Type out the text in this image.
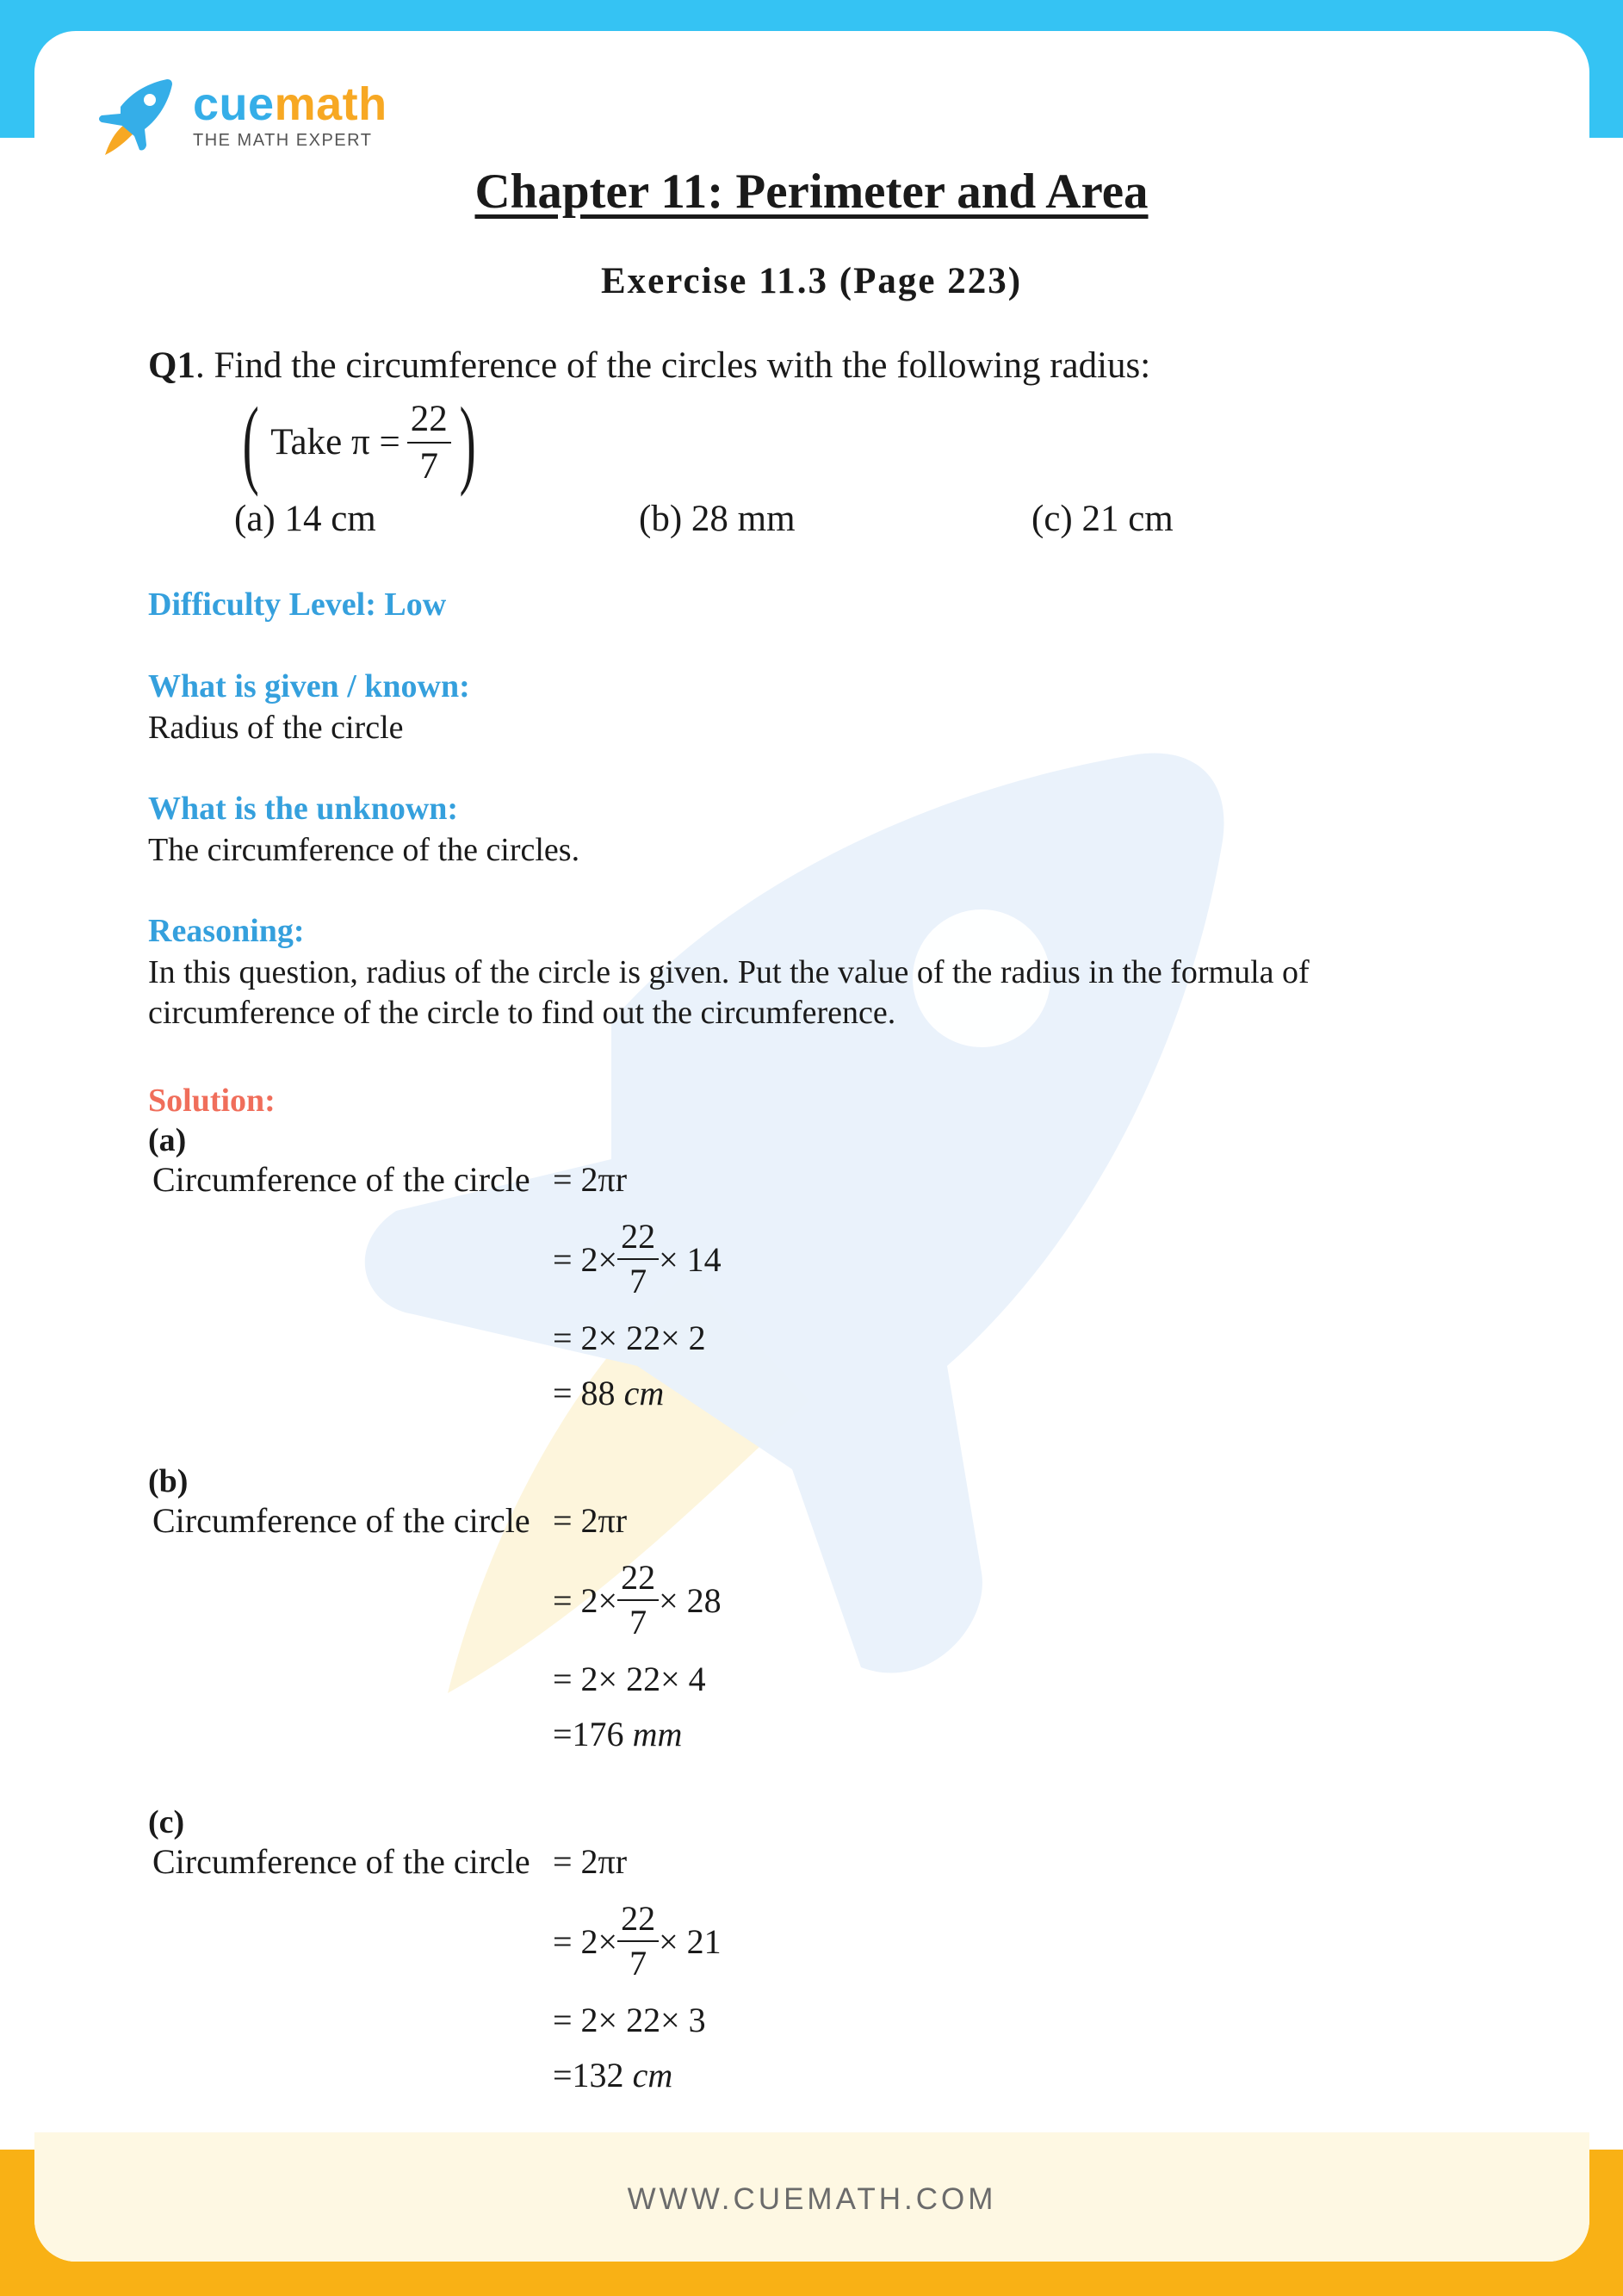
WWW.CUEMATH.COM
cuemath
THE MATH EXPERT
Chapter 11: Perimeter and Area
Exercise 11.3 (Page 223)
Q1. Find the circumference of the circles with the following radius:
( Take $\pi = \frac{22}{7}$ )
(a) 14 cm	(b) 28 mm	(c) 21 cm
Difficulty Level: Low
What is given / known:
Radius of the circle
What is the unknown:
The circumference of the circles.
Reasoning:
In this question, radius of the circle is given. Put the value of the radius in the formula of
circumference of the circle to find out the circumference.
Solution:
(a)
Circumference of the circle = 2πr
= $2\times \frac{22}{7} \times 14$
= 2× 22× 2
= 88 cm
(b)
Circumference of the circle = 2πr
= $2\times \frac{22}{7} \times 28$
= 2× 22× 4
=176 mm
(c)
Circumference of the circle = 2πr
= $2\times \frac{22}{7} \times 21$
= 2× 22× 3
=132 cm
